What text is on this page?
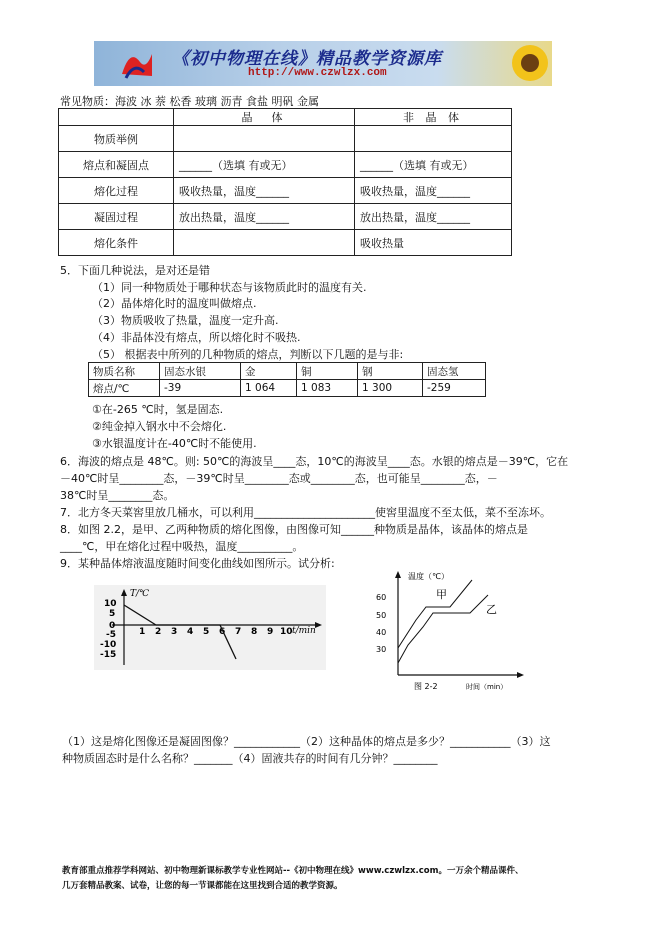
《初中物理在线》精品教学资源库
http://www.czwlzx.com
常见物质：海波 冰 萘 松香 玻璃 沥青 食盐 明矾 金属
	晶　体	非 晶 体
物质举例		
熔点和凝固点	______（选填 有或无）	______（选填 有或无）
熔化过程	吸收热量，温度______	吸收热量，温度______
凝固过程	放出热量，温度______	放出热量，温度______
熔化条件		吸收热量
5．下面几种说法，是对还是错
（1）同一种物质处于哪种状态与该物质此时的温度有关.
（2）晶体熔化时的温度叫做熔点.
（3）物质吸收了热量，温度一定升高.
（4）非晶体没有熔点，所以熔化时不吸热.
（5） 根据表中所列的几种物质的熔点，判断以下几题的是与非:
物质名称	固态水银	金	铜	钢	固态氢
熔点/℃	-39	1 064	1 083	1 300	-259
①在-265 ℃时，氢是固态.
②纯金掉入钢水中不会熔化.
③水银温度计在-40℃时不能使用.
6．海波的熔点是 48℃。则: 50℃的海波呈____态，10℃的海波呈____态。水银的熔点是－39℃，它在
－40℃时呈________态，－39℃时呈________态或________态，也可能呈________态，－
38℃时呈________态。
7．北方冬天菜窖里放几桶水，可以利用______________________使窖里温度不至太低，菜不至冻坏。
8．如图 2.2，是甲、乙两种物质的熔化图像，由图像可知______种物质是晶体，该晶体的熔点是
____℃，甲在熔化过程中吸热，温度__________。
9．某种晶体熔液温度随时间变化曲线如图所示。试分析:
T/℃
t/min
10
5
0
-5
-10
-15
1 2 3 4 5 6 7 8 9 10
温度（℃）
60
50
40
30
甲
乙
图 2-2	时间（min）
（1）这是熔化图像还是凝固图像？____________（2）这种晶体的熔点是多少？___________（3）这
种物质固态时是什么名称？_______（4）固液共存的时间有几分钟？________
教育部重点推荐学科网站、初中物理新课标教学专业性网站--《初中物理在线》www.czwlzx.com。一万余个精品课件、
几万套精品教案、试卷，让您的每一节课都能在这里找到合适的教学资源。
